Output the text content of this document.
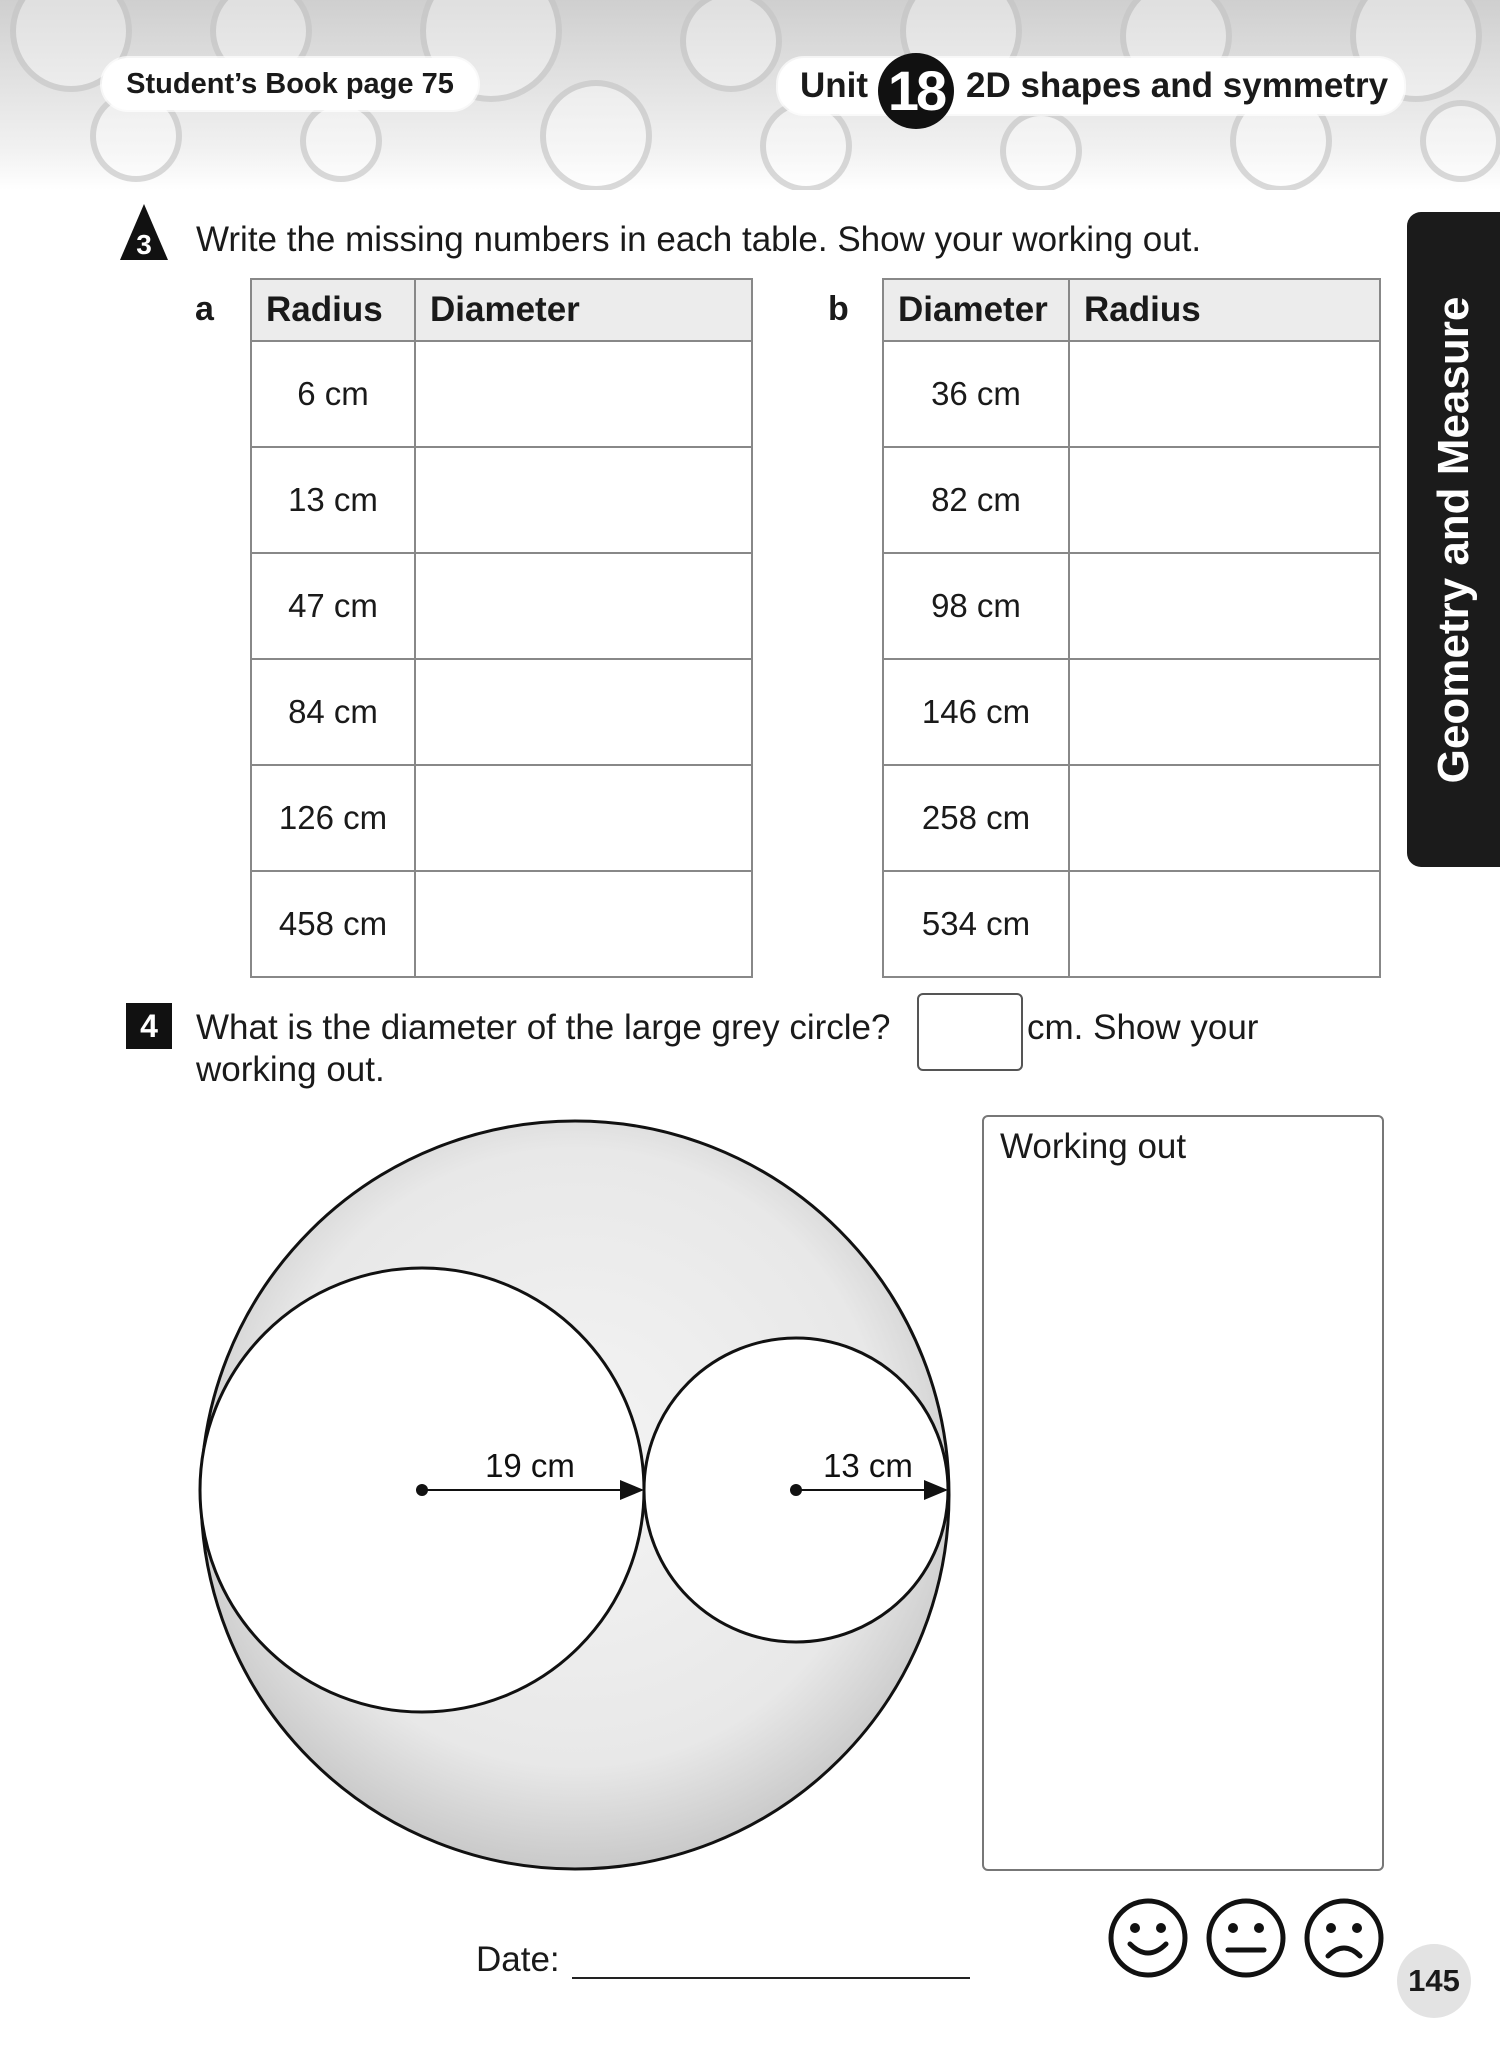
Student’s Book page 75	Unit 18 2D shapes and symmetry
Geometry and Measure
3 Write the missing numbers in each table. Show your working out.
a Radius	Diameter
6 cm	
13 cm	
47 cm	
84 cm	
126 cm	
458 cm	
b Diameter	Radius
36 cm	
82 cm	
98 cm	
146 cm	
258 cm	
534 cm	
4	What is the diameter of the large grey circle?	cm. Show your
working out.
19 cm	13 cm
Working out
Date:
145
